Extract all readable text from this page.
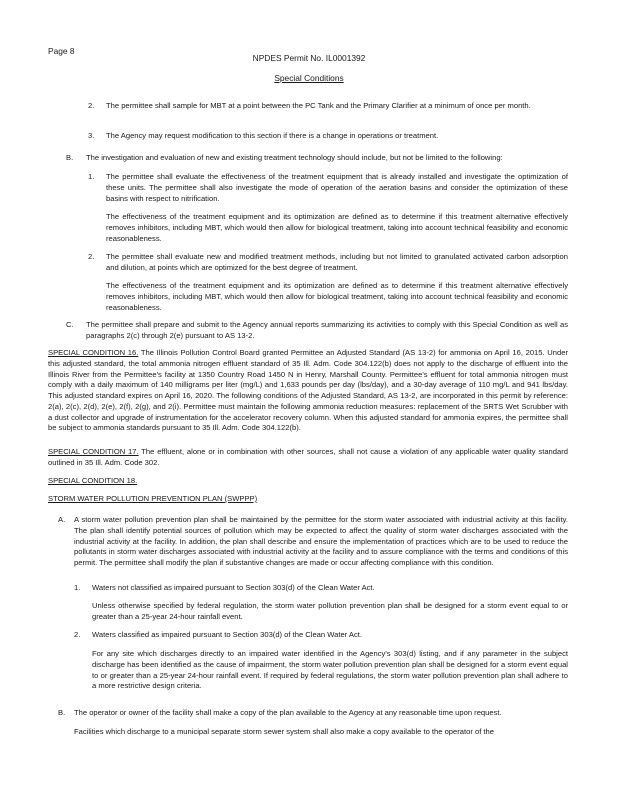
Page 8
NPDES Permit No. IL0001392
Special Conditions
2. The permittee shall sample for MBT at a point between the PC Tank and the Primary Clarifier at a minimum of once per month.
3. The Agency may request modification to this section if there is a change in operations or treatment.
B. The investigation and evaluation of new and existing treatment technology should include, but not be limited to the following:
1. The permittee shall evaluate the effectiveness of the treatment equipment that is already installed and investigate the optimization of these units. The permittee shall also investigate the mode of operation of the aeration basins and consider the optimization of these basins with respect to nitrification.
The effectiveness of the treatment equipment and its optimization are defined as to determine if this treatment alternative effectively removes inhibitors, including MBT, which would then allow for biological treatment, taking into account technical feasibility and economic reasonableness.
2. The permittee shall evaluate new and modified treatment methods, including but not limited to granulated activated carbon adsorption and dilution, at points which are optimized for the best degree of treatment.
The effectiveness of the treatment equipment and its optimization are defined as to determine if this treatment alternative effectively removes inhibitors, including MBT, which would then allow for biological treatment, taking into account technical feasibility and economic reasonableness.
C. The permittee shall prepare and submit to the Agency annual reports summarizing its activities to comply with this Special Condition as well as paragraphs 2(c) through 2(e) pursuant to AS 13-2.
SPECIAL CONDITION 16. The Illinois Pollution Control Board granted Permittee an Adjusted Standard (AS 13-2) for ammonia on April 16, 2015. Under this adjusted standard, the total ammonia nitrogen effluent standard of 35 Ill. Adm. Code 304.122(b) does not apply to the discharge of effluent into the Illinois River from the Permittee's facility at 1350 Country Road 1450 N in Henry, Marshall County. Permittee's effluent for total ammonia nitrogen must comply with a daily maximum of 140 milligrams per liter (mg/L) and 1,633 pounds per day (lbs/day), and a 30-day average of 110 mg/L and 941 lbs/day. This adjusted standard expires on April 16, 2020. The following conditions of the Adjusted Standard, AS 13-2, are incorporated in this permit by reference: 2(a), 2(c), 2(d), 2(e), 2(f), 2(g), and 2(i). Permittee must maintain the following ammonia reduction measures: replacement of the SRTS Wet Scrubber with a dust collector and upgrade of instrumentation for the accelerator recovery column. When this adjusted standard for ammonia expires, the permittee shall be subject to ammonia standards pursuant to 35 Ill. Adm. Code 304.122(b).
SPECIAL CONDITION 17. The effluent, alone or in combination with other sources, shall not cause a violation of any applicable water quality standard outlined in 35 Ill. Adm. Code 302.
SPECIAL CONDITION 18.
STORM WATER POLLUTION PREVENTION PLAN (SWPPP)
A. A storm water pollution prevention plan shall be maintained by the permittee for the storm water associated with industrial activity at this facility. The plan shall identify potential sources of pollution which may be expected to affect the quality of storm water discharges associated with the industrial activity at the facility. In addition, the plan shall describe and ensure the implementation of practices which are to be used to reduce the pollutants in storm water discharges associated with industrial activity at the facility and to assure compliance with the terms and conditions of this permit. The permittee shall modify the plan if substantive changes are made or occur affecting compliance with this condition.
1. Waters not classified as impaired pursuant to Section 303(d) of the Clean Water Act.
Unless otherwise specified by federal regulation, the storm water pollution prevention plan shall be designed for a storm event equal to or greater than a 25-year 24-hour rainfall event.
2. Waters classified as impaired pursuant to Section 303(d) of the Clean Water Act.
For any site which discharges directly to an impaired water identified in the Agency's 303(d) listing, and if any parameter in the subject discharge has been identified as the cause of impairment, the storm water pollution prevention plan shall be designed for a storm event equal to or greater than a 25-year 24-hour rainfall event. If required by federal regulations, the storm water pollution prevention plan shall adhere to a more restrictive design criteria.
B. The operator or owner of the facility shall make a copy of the plan available to the Agency at any reasonable time upon request.
Facilities which discharge to a municipal separate storm sewer system shall also make a copy available to the operator of the
